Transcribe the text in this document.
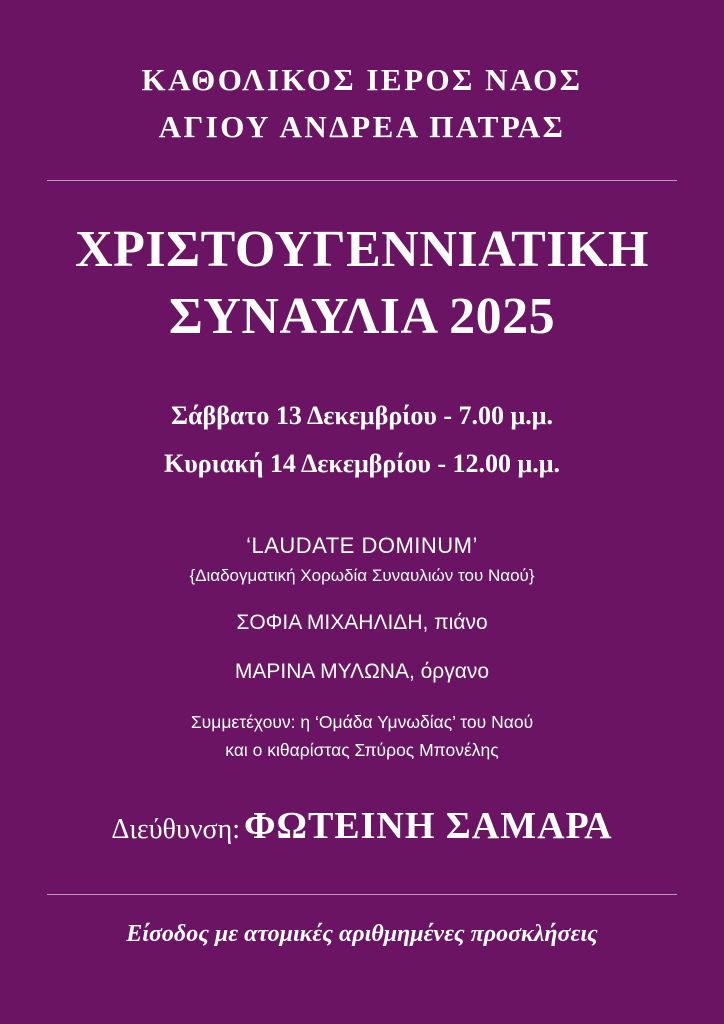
ΚΑΘΟΛΙΚΟΣ ΙΕΡΟΣ ΝΑΟΣ
ΑΓΙΟΥ ΑΝΔΡΕΑ ΠΑΤΡΑΣ
ΧΡΙΣΤΟΥΓΕΝΝΙΑΤΙΚΗ
ΣΥΝΑΥΛΙΑ 2025
Σάββατο 13 Δεκεμβρίου - 7.00 μ.μ.
Κυριακή 14 Δεκεμβρίου - 12.00 μ.μ.
‘LAUDATE DOMINUM’
{Διαδογματική Χορωδία Συναυλιών του Ναού}
ΣΟΦΙΑ ΜΙΧΑΗΛΙΔΗ, πιάνο
ΜΑΡΙΝΑ ΜΥΛΩΝΑ, όργανο
Συμμετέχουν: η ‘Ομάδα Υμνωδίας’ του Ναού
και ο κιθαρίστας Σπύρος Μπονέλης
Διεύθυνση: ΦΩΤΕΙΝΗ ΣΑΜΑΡΑ
Είσοδος με ατομικές αριθμημένες προσκλήσεις
